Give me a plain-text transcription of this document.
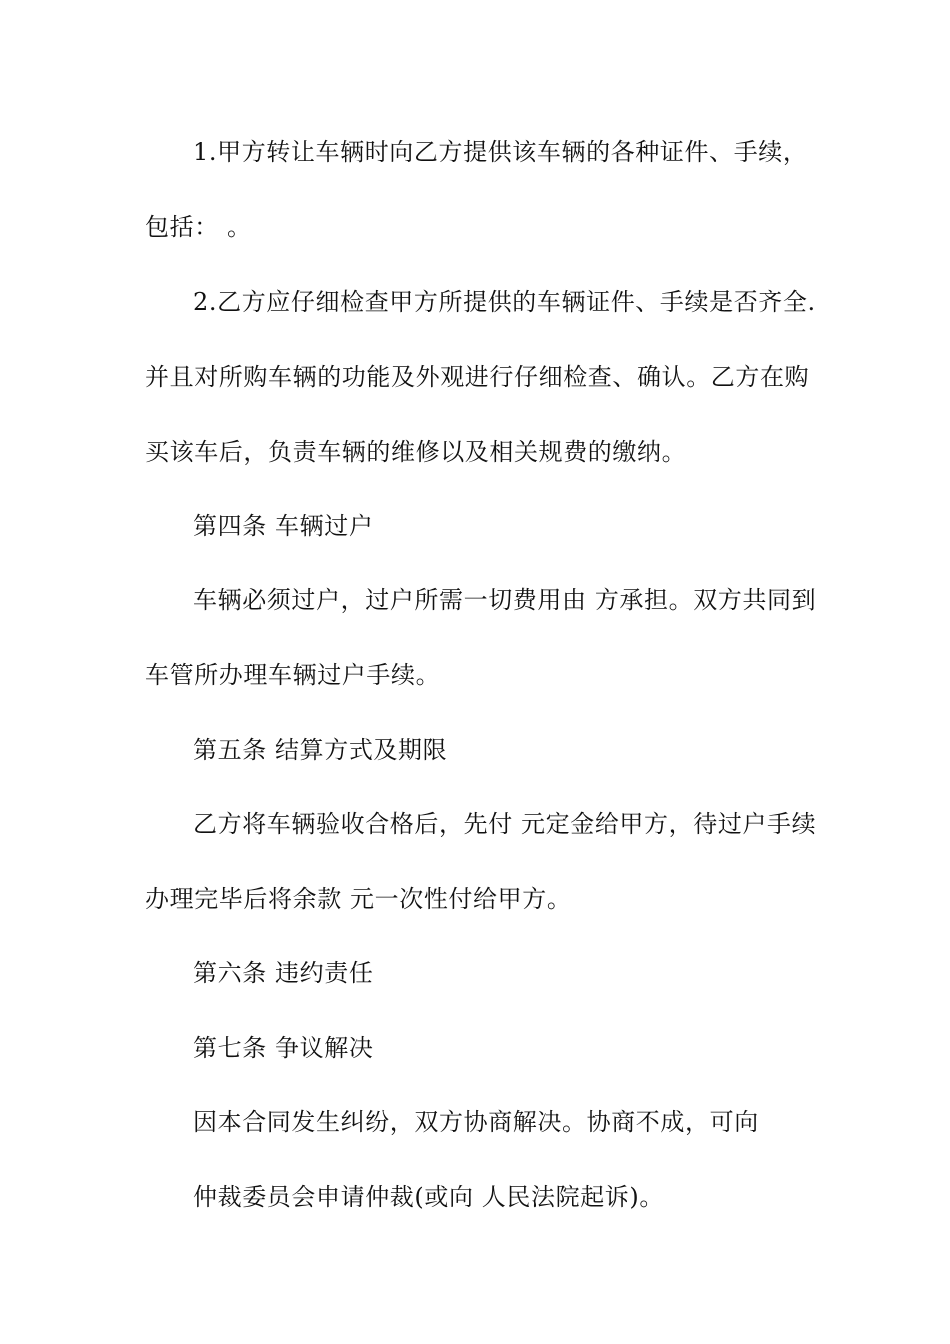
1.甲方转让车辆时向乙方提供该车辆的各种证件、手续，
包括： 。
2.乙方应仔细检查甲方所提供的车辆证件、手续是否齐全.
并且对所购车辆的功能及外观进行仔细检查、确认。乙方在购
买该车后，负责车辆的维修以及相关规费的缴纳。
第四条 车辆过户
车辆必须过户，过户所需一切费用由 方承担。双方共同到
车管所办理车辆过户手续。
第五条 结算方式及期限
乙方将车辆验收合格后，先付 元定金给甲方，待过户手续
办理完毕后将余款 元一次性付给甲方。
第六条 违约责任
第七条 争议解决
因本合同发生纠纷，双方协商解决。协商不成，可向
仲裁委员会申请仲裁(或向 人民法院起诉)。
